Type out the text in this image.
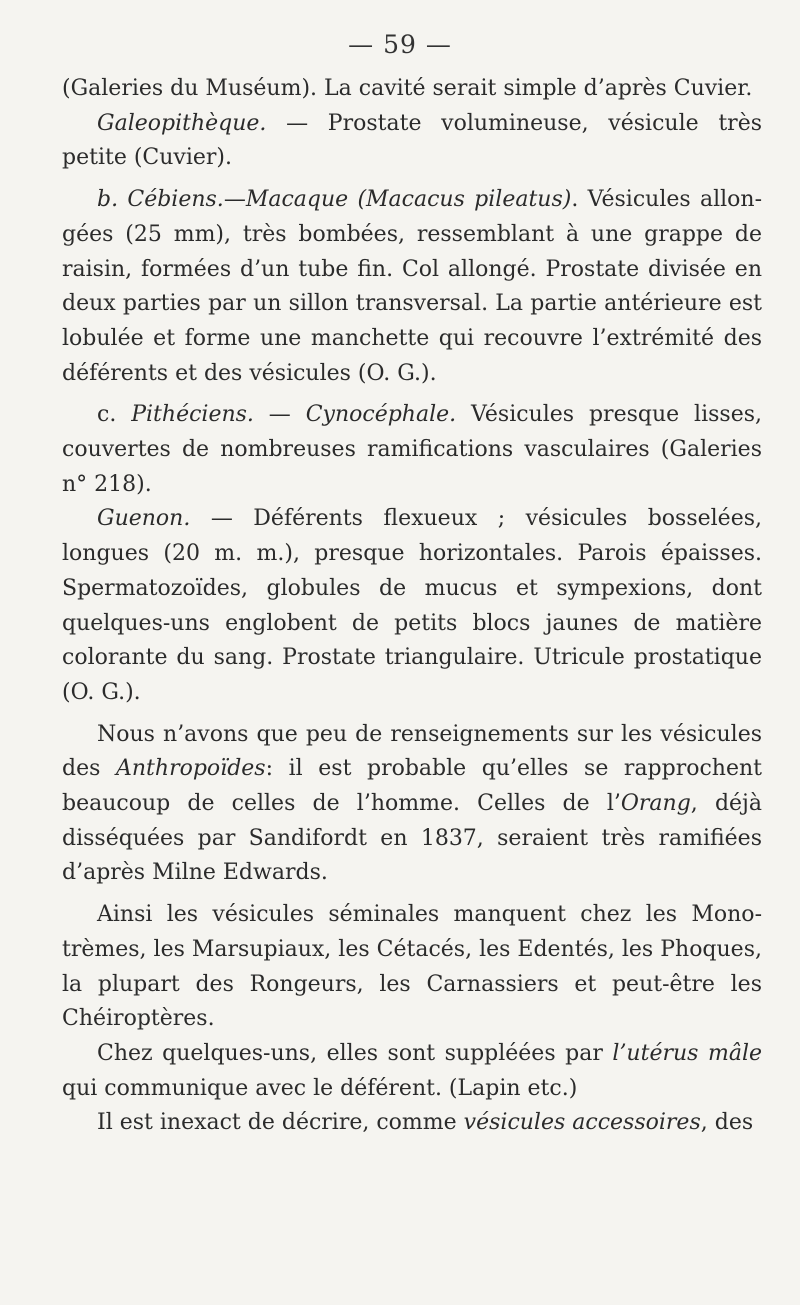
— 59 —

(Galeries du Muséum). La cavité serait simple d’après Cuvier.

Galeopithèque. — Prostate volumineuse, vésicule très petite (Cuvier).

b. Cébiens.—Macaque (Macacus pileatus). Vésicules allongées (25 mm), très bombées, ressemblant à une grappe de raisin, formées d’un tube fin. Col allongé. Prostate divisée en deux parties par un sillon transversal. La partie antérieure est lobulée et forme une manchette qui recouvre l’extrémité des déférents et des vésicules (O. G.).

c. Pithéciens. — Cynocéphale. Vésicules presque lisses, couvertes de nombreuses ramifications vasculaires (Galeries n° 218).

Guenon. — Déférents flexueux ; vésicules bosselées, longues (20 m. m.), presque horizontales. Parois épaisses. Spermatozoïdes, globules de mucus et sympexions, dont quelques-uns englobent de petits blocs jaunes de matière colorante du sang. Prostate triangulaire. Utricule prostatique (O. G.).

Nous n’avons que peu de renseignements sur les vésicules des Anthropoïdes: il est probable qu’elles se rapprochent beaucoup de celles de l’homme. Celles de l’Orang, déjà disséquées par Sandifordt en 1837, seraient très ramifiées d’après Milne Edwards.

Ainsi les vésicules séminales manquent chez les Monotrèmes, les Marsupiaux, les Cétacés, les Edentés, les Phoques, la plupart des Rongeurs, les Carnassiers et peut-être les Chéiroptères.

Chez quelques-uns, elles sont suppléées par l’utérus mâle qui communique avec le déférent. (Lapin etc.)

Il est inexact de décrire, comme vésicules accessoires, des
